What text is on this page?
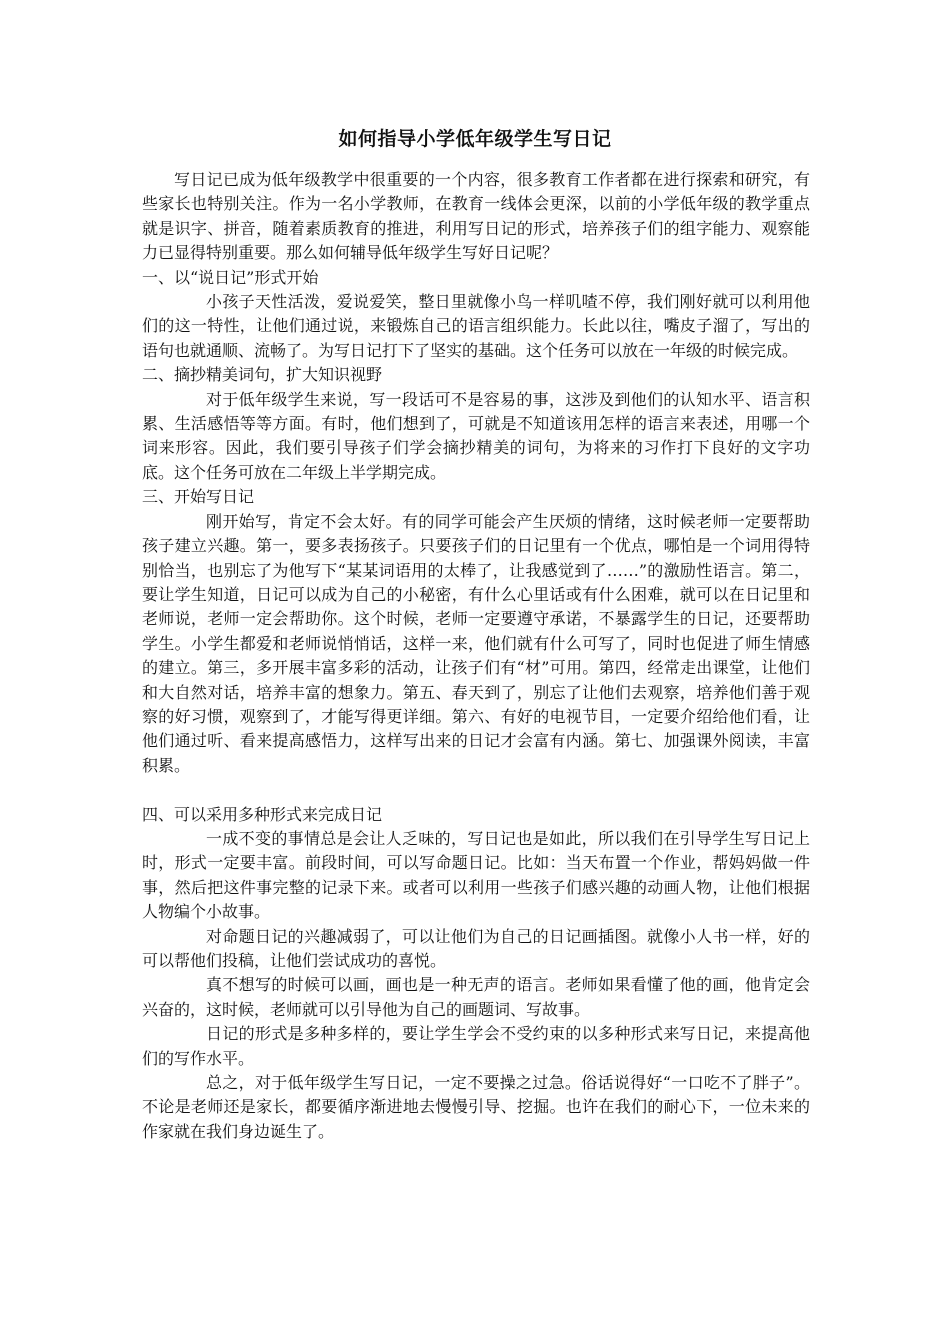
如何指导小学低年级学生写日记

写日记已成为低年级教学中很重要的一个内容，很多教育工作者都在进行探索和研究，有些家长也特别关注。作为一名小学教师，在教育一线体会更深，以前的小学低年级的教学重点就是识字、拼音，随着素质教育的推进，利用写日记的形式，培养孩子们的组字能力、观察能力已显得特别重要。那么如何辅导低年级学生写好日记呢？

一、以“说日记”形式开始

小孩子天性活泼，爱说爱笑，整日里就像小鸟一样叽喳不停，我们刚好就可以利用他们的这一特性，让他们通过说，来锻炼自己的语言组织能力。长此以往，嘴皮子溜了，写出的语句也就通顺、流畅了。为写日记打下了坚实的基础。这个任务可以放在一年级的时候完成。

二、摘抄精美词句，扩大知识视野

对于低年级学生来说，写一段话可不是容易的事，这涉及到他们的认知水平、语言积累、生活感悟等等方面。有时，他们想到了，可就是不知道该用怎样的语言来表述，用哪一个词来形容。因此，我们要引导孩子们学会摘抄精美的词句，为将来的习作打下良好的文字功底。这个任务可放在二年级上半学期完成。

三、开始写日记

刚开始写，肯定不会太好。有的同学可能会产生厌烦的情绪，这时候老师一定要帮助孩子建立兴趣。第一，要多表扬孩子。只要孩子们的日记里有一个优点，哪怕是一个词用得特别恰当，也别忘了为他写下“某某词语用的太棒了，让我感觉到了……”的激励性语言。第二，要让学生知道，日记可以成为自己的小秘密，有什么心里话或有什么困难，就可以在日记里和老师说，老师一定会帮助你。这个时候，老师一定要遵守承诺，不暴露学生的日记，还要帮助学生。小学生都爱和老师说悄悄话，这样一来，他们就有什么可写了，同时也促进了师生情感的建立。第三，多开展丰富多彩的活动，让孩子们有“材”可用。第四，经常走出课堂，让他们和大自然对话，培养丰富的想象力。第五、春天到了，别忘了让他们去观察，培养他们善于观察的好习惯，观察到了，才能写得更详细。第六、有好的电视节目，一定要介绍给他们看，让他们通过听、看来提高感悟力，这样写出来的日记才会富有内涵。第七、加强课外阅读，丰富积累。

四、可以采用多种形式来完成日记

一成不变的事情总是会让人乏味的，写日记也是如此，所以我们在引导学生写日记上时，形式一定要丰富。前段时间，可以写命题日记。比如：当天布置一个作业，帮妈妈做一件事，然后把这件事完整的记录下来。或者可以利用一些孩子们感兴趣的动画人物，让他们根据人物编个小故事。

对命题日记的兴趣减弱了，可以让他们为自己的日记画插图。就像小人书一样，好的可以帮他们投稿，让他们尝试成功的喜悦。

真不想写的时候可以画，画也是一种无声的语言。老师如果看懂了他的画，他肯定会兴奋的，这时候，老师就可以引导他为自己的画题词、写故事。

日记的形式是多种多样的，要让学生学会不受约束的以多种形式来写日记，来提高他们的写作水平。

总之，对于低年级学生写日记，一定不要操之过急。俗话说得好“一口吃不了胖子”。不论是老师还是家长，都要循序渐进地去慢慢引导、挖掘。也许在我们的耐心下，一位未来的作家就在我们身边诞生了。
